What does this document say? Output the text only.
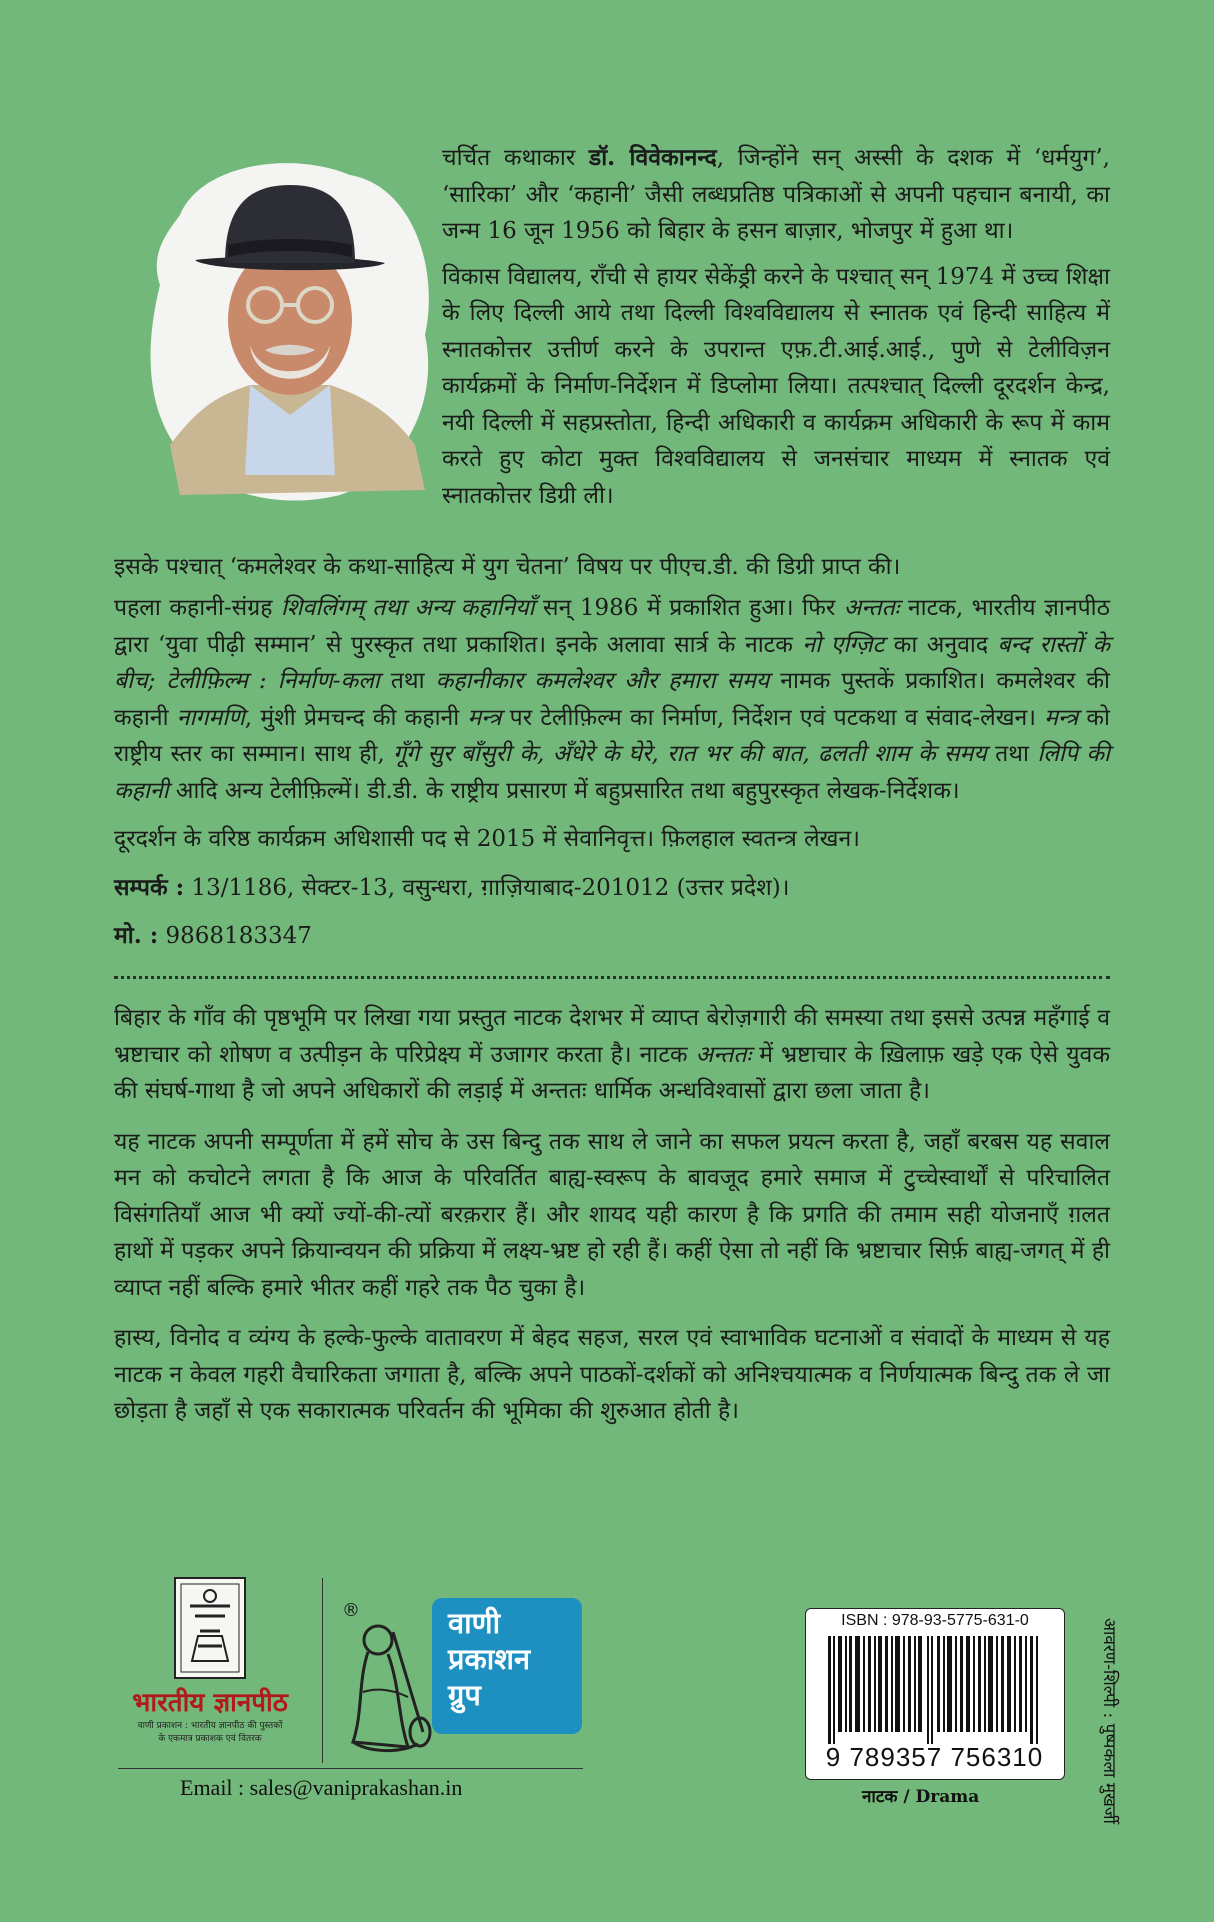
चर्चित कथाकार डॉ. विवेकानन्द, जिन्होंने सन् अस्सी के दशक में ‘धर्मयुग’, ‘सारिका’ और ‘कहानी’ जैसी लब्धप्रतिष्ठ पत्रिकाओं से अपनी पहचान बनायी, का जन्म 16 जून 1956 को बिहार के हसन बाज़ार, भोजपुर में हुआ था।

विकास विद्यालय, राँची से हायर सेकेंड्री करने के पश्चात् सन् 1974 में उच्च शिक्षा के लिए दिल्ली आये तथा दिल्ली विश्वविद्यालय से स्नातक एवं हिन्दी साहित्य में स्नातकोत्तर उत्तीर्ण करने के उपरान्त एफ़.टी.आई.आई., पुणे से टेलीविज़न कार्यक्रमों के निर्माण-निर्देशन में डिप्लोमा लिया। तत्पश्चात् दिल्ली दूरदर्शन केन्द्र, नयी दिल्ली में सहप्रस्तोता, हिन्दी अधिकारी व कार्यक्रम अधिकारी के रूप में काम करते हुए कोटा मुक्त विश्वविद्यालय से जनसंचार माध्यम में स्नातक एवं स्नातकोत्तर डिग्री ली।

इसके पश्चात् ‘कमलेश्वर के कथा-साहित्य में युग चेतना’ विषय पर पीएच.डी. की डिग्री प्राप्त की।

पहला कहानी-संग्रह शिवलिंगम् तथा अन्य कहानियाँ सन् 1986 में प्रकाशित हुआ। फिर अन्ततः नाटक, भारतीय ज्ञानपीठ द्वारा ‘युवा पीढ़ी सम्मान’ से पुरस्कृत तथा प्रकाशित। इनके अलावा सार्त्र के नाटक नो एग्ज़िट का अनुवाद बन्द रास्तों के बीच; टेलीफ़िल्म : निर्माण-कला तथा कहानीकार कमलेश्वर और हमारा समय नामक पुस्तकें प्रकाशित। कमलेश्वर की कहानी नागमणि, मुंशी प्रेमचन्द की कहानी मन्त्र पर टेलीफ़िल्म का निर्माण, निर्देशन एवं पटकथा व संवाद-लेखन। मन्त्र को राष्ट्रीय स्तर का सम्मान। साथ ही, गूँगे सुर बाँसुरी के, अँधेरे के घेरे, रात भर की बात, ढलती शाम के समय तथा लिपि की कहानी आदि अन्य टेलीफ़िल्में। डी.डी. के राष्ट्रीय प्रसारण में बहुप्रसारित तथा बहुपुरस्कृत लेखक-निर्देशक।

दूरदर्शन के वरिष्ठ कार्यक्रम अधिशासी पद से 2015 में सेवानिवृत्त। फ़िलहाल स्वतन्त्र लेखन।

सम्पर्क : 13/1186, सेक्टर-13, वसुन्धरा, ग़ाज़ियाबाद-201012 (उत्तर प्रदेश)।

मो. : 9868183347

बिहार के गाँव की पृष्ठभूमि पर लिखा गया प्रस्तुत नाटक देशभर में व्याप्त बेरोज़गारी की समस्या तथा इससे उत्पन्न महँगाई व भ्रष्टाचार को शोषण व उत्पीड़न के परिप्रेक्ष्य में उजागर करता है। नाटक अन्ततः में भ्रष्टाचार के ख़िलाफ़ खड़े एक ऐसे युवक की संघर्ष-गाथा है जो अपने अधिकारों की लड़ाई में अन्ततः धार्मिक अन्धविश्वासों द्वारा छला जाता है।

यह नाटक अपनी सम्पूर्णता में हमें सोच के उस बिन्दु तक साथ ले जाने का सफल प्रयत्न करता है, जहाँ बरबस यह सवाल मन को कचोटने लगता है कि आज के परिवर्तित बाह्य-स्वरूप के बावजूद हमारे समाज में टुच्चेस्वार्थों से परिचालित विसंगतियाँ आज भी क्यों ज्यों-की-त्यों बरक़रार हैं। और शायद यही कारण है कि प्रगति की तमाम सही योजनाएँ ग़लत हाथों में पड़कर अपने क्रियान्वयन की प्रक्रिया में लक्ष्य-भ्रष्ट हो रही हैं। कहीं ऐसा तो नहीं कि भ्रष्टाचार सिर्फ़ बाह्य-जगत् में ही व्याप्त नहीं बल्कि हमारे भीतर कहीं गहरे तक पैठ चुका है।

हास्य, विनोद व व्यंग्य के हल्के-फुल्के वातावरण में बेहद सहज, सरल एवं स्वाभाविक घटनाओं व संवादों के माध्यम से यह नाटक न केवल गहरी वैचारिकता जगाता है, बल्कि अपने पाठकों-दर्शकों को अनिश्चयात्मक व निर्णयात्मक बिन्दु तक ले जा छोड़ता है जहाँ से एक सकारात्मक परिवर्तन की भूमिका की शुरुआत होती है।

भारतीय ज्ञानपीठ
वाणी प्रकाशन : भारतीय ज्ञानपीठ की पुस्तकों
के एकमात्र प्रकाशक एवं वितरक
®	वाणी
प्रकाशन
ग्रुप
Email : sales@vaniprakashan.in
ISBN : 978-93-5775-631-0
9 789357 756310
नाटक / Drama	आवरण-शिल्पी : पुष्पकला मुखर्जी
